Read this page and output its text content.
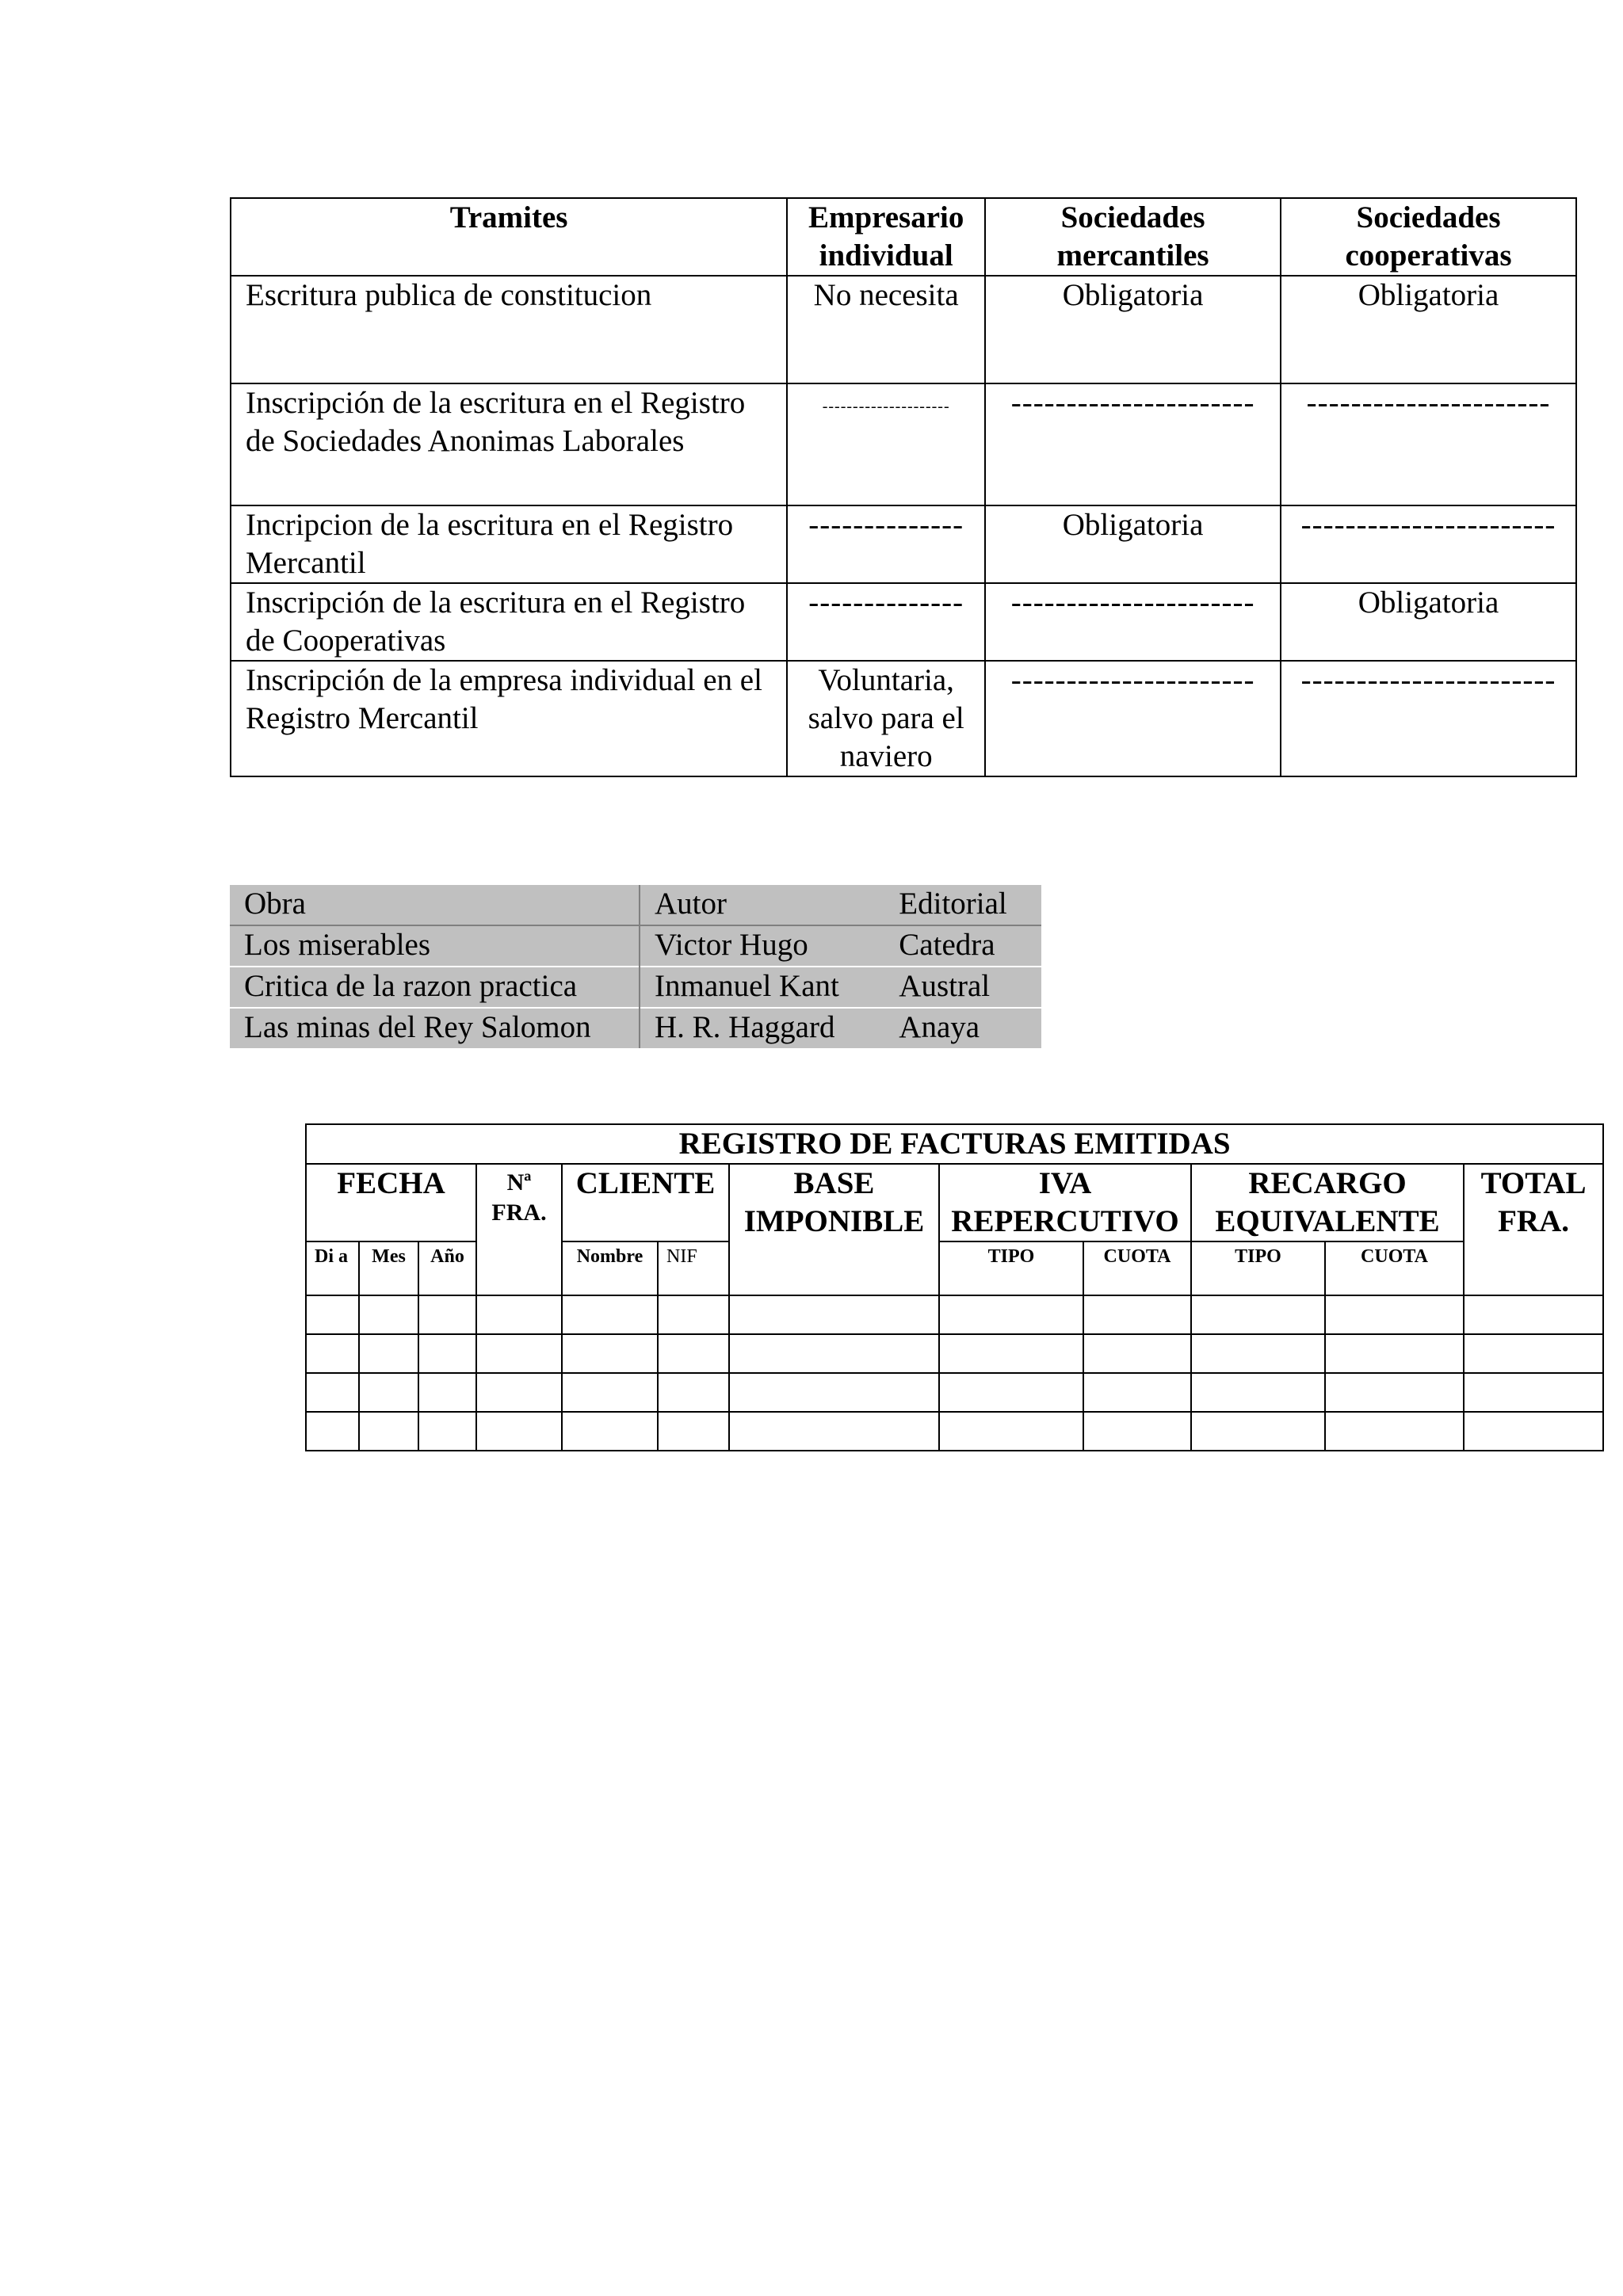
Tramites	Empresario individual	Sociedades mercantiles	Sociedades cooperativas
Escritura publica de constitucion	No necesita	Obligatoria	Obligatoria
Inscripción de la escritura en el Registro de Sociedades Anonimas Laborales	---------------------	----------------------	----------------------
Incripcion de la escritura en el Registro Mercantil	--------------	Obligatoria	-----------------------
Inscripción de la escritura en el Registro de Cooperativas	--------------	----------------------	Obligatoria
Inscripción de la empresa individual en el Registro Mercantil	Voluntaria, salvo para el naviero	----------------------	-----------------------
Obra	Autor	Editorial
Los miserables	Victor Hugo	Catedra
Critica de la razon practica	Inmanuel Kant	Austral
Las minas del Rey Salomon	H. R. Haggard	Anaya
REGISTRO DE FACTURAS EMITIDAS											
FECHA			Nª FRA.	CLIENTE		BASE IMPONIBLE	IVA REPERCUTIVO		RECARGO EQUIVALENTE		TOTAL FRA.
Di a	Mes	Año		Nombre	NIF		TIPO	CUOTA	TIPO	CUOTA	
